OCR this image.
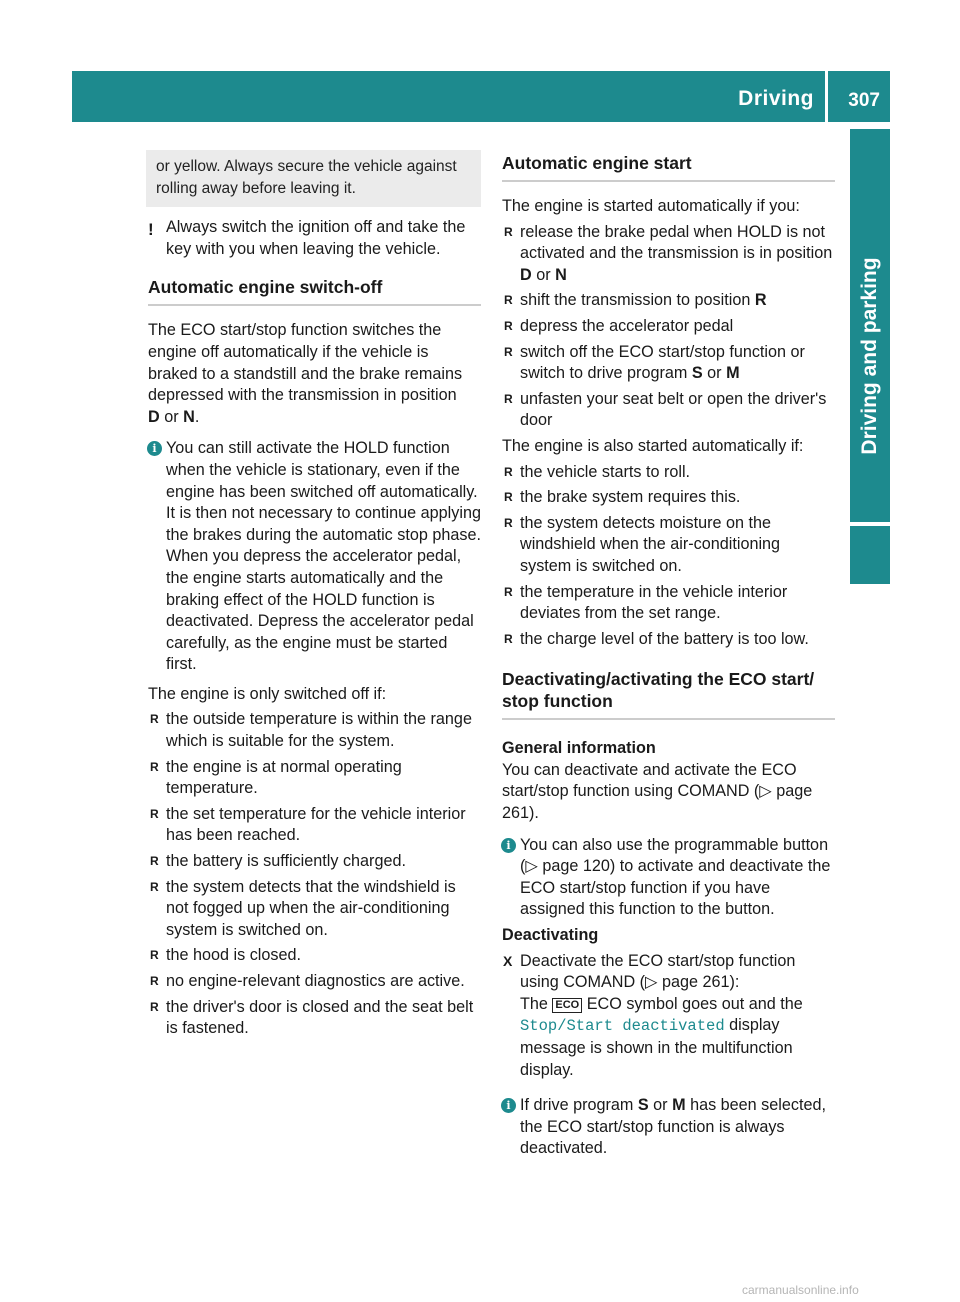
Driving 307
Driving and parking

or yellow. Always secure the vehicle against rolling away before leaving it.

! Always switch the ignition off and take the key with you when leaving the vehicle.

Automatic engine switch-off

The ECO start/stop function switches the engine off automatically if the vehicle is braked to a standstill and the brake remains depressed with the transmission in position
D or N.

i You can still activate the HOLD function when the vehicle is stationary, even if the engine has been switched off automatically. It is then not necessary to continue applying the brakes during the automatic stop phase. When you depress the accelerator pedal, the engine starts automatically and the braking effect of the HOLD function is deactivated. Depress the accelerator pedal carefully, as the engine must be started first.

The engine is only switched off if:

R the outside temperature is within the range which is suitable for the system.
R the engine is at normal operating temperature.
R the set temperature for the vehicle interior has been reached.
R the battery is sufficiently charged.
R the system detects that the windshield is not fogged up when the air-conditioning system is switched on.
R the hood is closed.
R no engine-relevant diagnostics are active.
R the driver's door is closed and the seat belt is fastened.
Automatic engine start

The engine is started automatically if you:

R release the brake pedal when HOLD is not activated and the transmission is in position D or N
R shift the transmission to position R
R depress the accelerator pedal
R switch off the ECO start/stop function or switch to drive program S or M
R unfasten your seat belt or open the driver's door

The engine is also started automatically if:

R the vehicle starts to roll.
R the brake system requires this.
R the system detects moisture on the windshield when the air-conditioning system is switched on.
R the temperature in the vehicle interior deviates from the set range.
R the charge level of the battery is too low.
Deactivating/activating the ECO start/ stop function

General information

You can deactivate and activate the ECO start/stop function using COMAND (▷ page 261).

i You can also use the programmable button (▷ page 120) to activate and deactivate the ECO start/stop function if you have assigned this function to the button.

Deactivating

X Deactivate the ECO start/stop function using COMAND (▷ page 261):
The ECO ECO symbol goes out and the
Stop/Start deactivated display message is shown in the multifunction display.

i If drive program S or M has been selected, the ECO start/stop function is always deactivated.

carmanualsonline.info
